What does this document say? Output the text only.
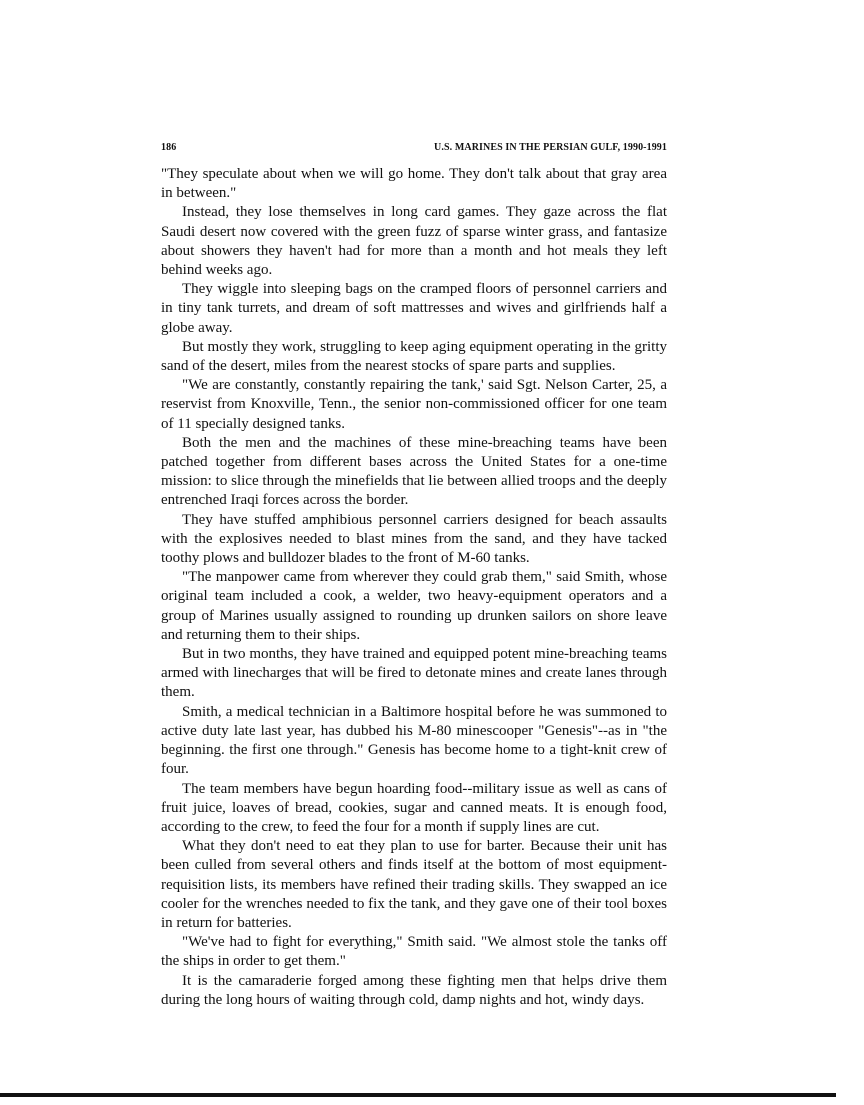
186	U.S. MARINES IN THE PERSIAN GULF, 1990-1991

"They speculate about when we will go home. They don't talk about that gray area in between."

Instead, they lose themselves in long card games. They gaze across the flat Saudi desert now covered with the green fuzz of sparse winter grass, and fantasize about showers they haven't had for more than a month and hot meals they left behind weeks ago.

They wiggle into sleeping bags on the cramped floors of personnel carriers and in tiny tank turrets, and dream of soft mattresses and wives and girlfriends half a globe away.

But mostly they work, struggling to keep aging equipment operating in the gritty sand of the desert, miles from the nearest stocks of spare parts and supplies.

"We are constantly, constantly repairing the tank,' said Sgt. Nelson Carter, 25, a reservist from Knoxville, Tenn., the senior non-commissioned officer for one team of 11 specially designed tanks.

Both the men and the machines of these mine-breaching teams have been patched together from different bases across the United States for a one-time mission: to slice through the minefields that lie between allied troops and the deeply entrenched Iraqi forces across the border.

They have stuffed amphibious personnel carriers designed for beach assaults with the explosives needed to blast mines from the sand, and they have tacked toothy plows and bulldozer blades to the front of M-60 tanks.

"The manpower came from wherever they could grab them," said Smith, whose original team included a cook, a welder, two heavy-equipment operators and a group of Marines usually assigned to rounding up drunken sailors on shore leave and returning them to their ships.

But in two months, they have trained and equipped potent mine-breaching teams armed with linecharges that will be fired to detonate mines and create lanes through them.

Smith, a medical technician in a Baltimore hospital before he was summoned to active duty late last year, has dubbed his M-80 minescooper "Genesis"--as in "the beginning. the first one through." Genesis has become home to a tight-knit crew of four.

The team members have begun hoarding food--military issue as well as cans of fruit juice, loaves of bread, cookies, sugar and canned meats. It is enough food, according to the crew, to feed the four for a month if supply lines are cut.

What they don't need to eat they plan to use for barter. Because their unit has been culled from several others and finds itself at the bottom of most equipment-requisition lists, its members have refined their trading skills. They swapped an ice cooler for the wrenches needed to fix the tank, and they gave one of their tool boxes in return for batteries.

"We've had to fight for everything," Smith said. "We almost stole the tanks off the ships in order to get them."

It is the camaraderie forged among these fighting men that helps drive them during the long hours of waiting through cold, damp nights and hot, windy days.
